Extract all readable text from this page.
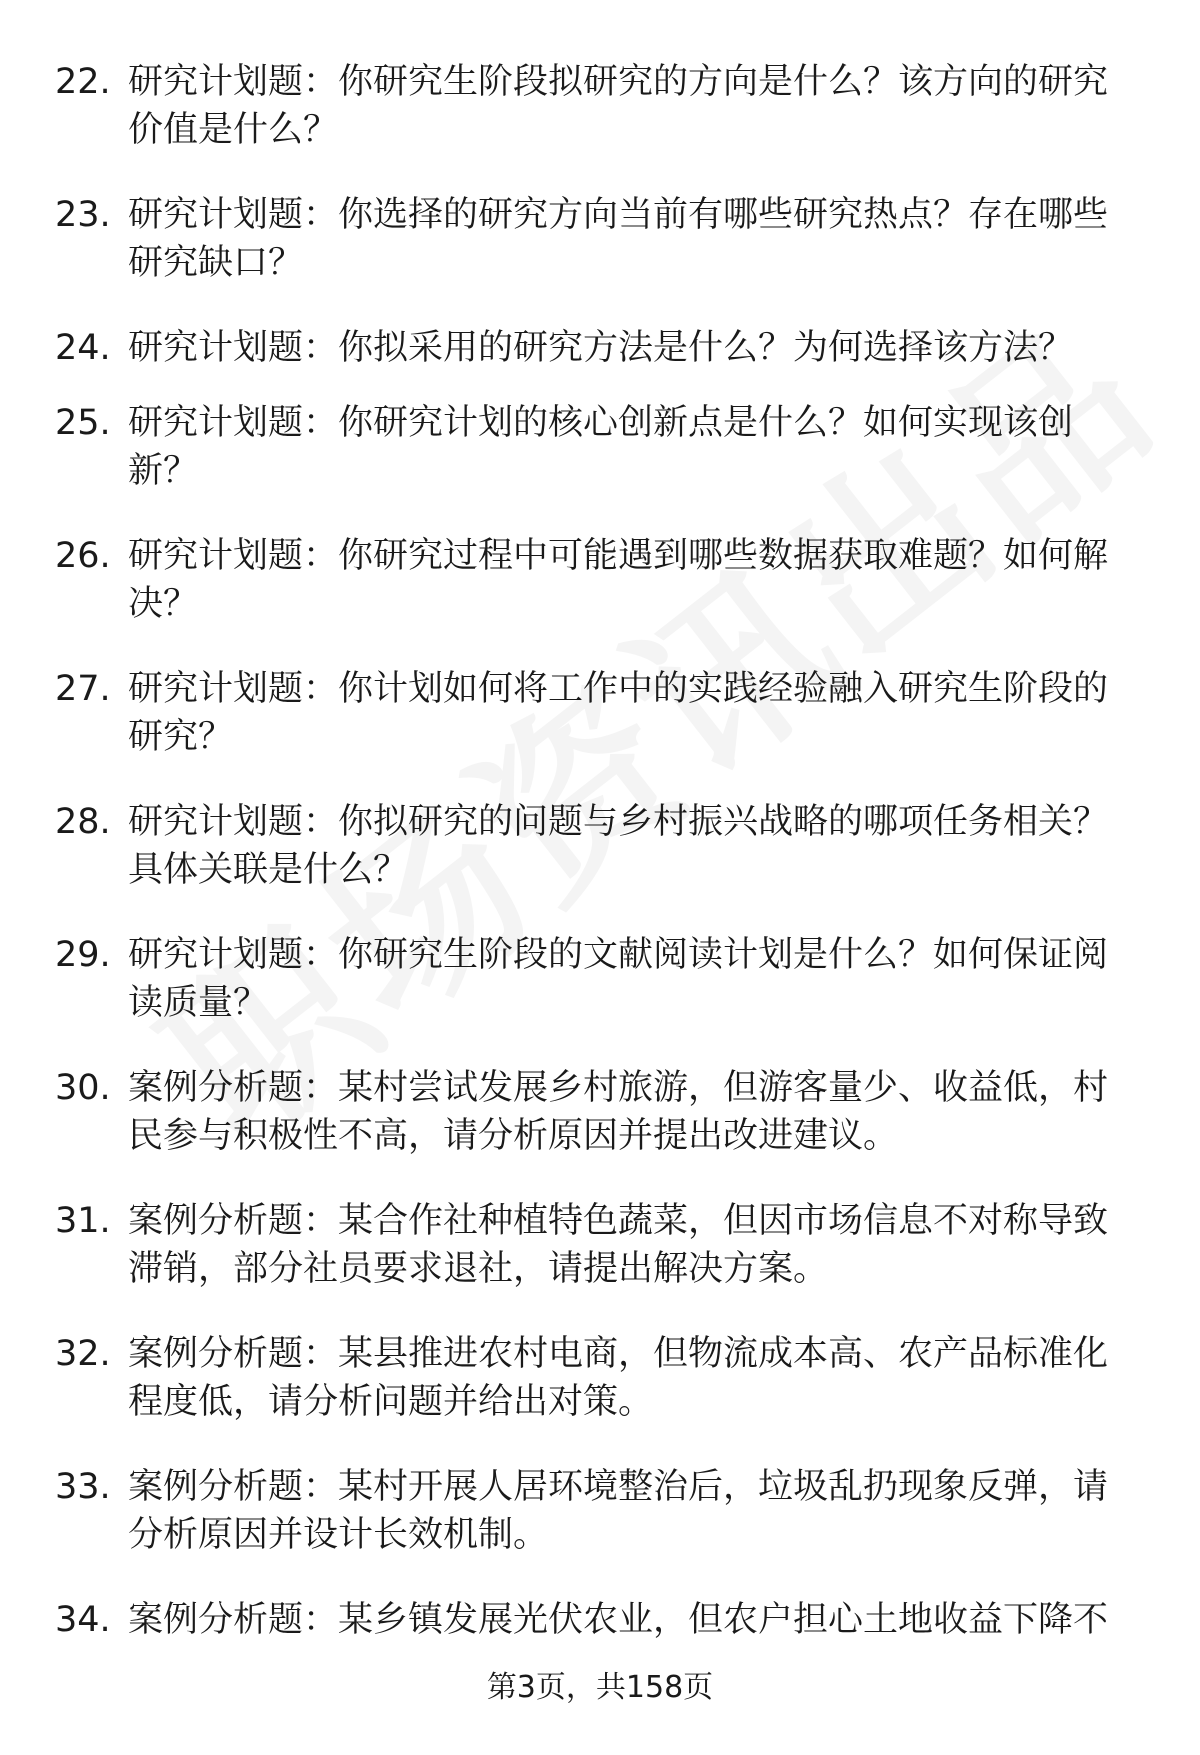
22. 研究计划题：你研究生阶段拟研究的方向是什么？该方向的研究价值是什么？
23. 研究计划题：你选择的研究方向当前有哪些研究热点？存在哪些研究缺口？
24. 研究计划题：你拟采用的研究方法是什么？为何选择该方法？
25. 研究计划题：你研究计划的核心创新点是什么？如何实现该创新？
26. 研究计划题：你研究过程中可能遇到哪些数据获取难题？如何解决？
27. 研究计划题：你计划如何将工作中的实践经验融入研究生阶段的研究？
28. 研究计划题：你拟研究的问题与乡村振兴战略的哪项任务相关？具体关联是什么？
29. 研究计划题：你研究生阶段的文献阅读计划是什么？如何保证阅读质量？
30. 案例分析题：某村尝试发展乡村旅游，但游客量少、收益低，村民参与积极性不高，请分析原因并提出改进建议。
31. 案例分析题：某合作社种植特色蔬菜，但因市场信息不对称导致滞销，部分社员要求退社，请提出解决方案。
32. 案例分析题：某县推进农村电商，但物流成本高、农产品标准化程度低，请分析问题并给出对策。
33. 案例分析题：某村开展人居环境整治后，垃圾乱扔现象反弹，请分析原因并设计长效机制。
34. 案例分析题：某乡镇发展光伏农业，但农户担心土地收益下降不
第3页，共158页
